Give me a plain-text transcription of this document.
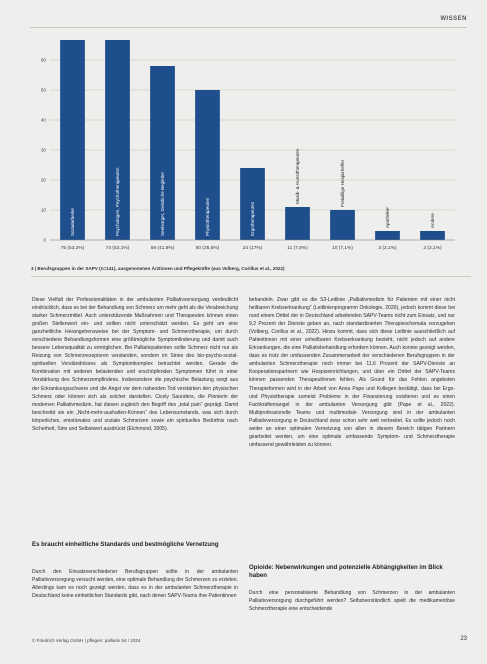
WISSEN
0
10
20
30
40
50
60
Sozialarbeiter
75 (53,2%)
Psychologen, Psychotherapeuten
74 (52,1%)
Seelsorger, Geistliche Begleiter
58 (41,8%)
Physiotherapeuten
50 (35,5%)
Ergotherapeuten
24 (17%)
Musik- & Kunsttherapeuten
11 (7,8%)
Freiwillige Hospizhelfer
10 (7,1%)
Apotheker
3 (2,1%)
Andere
3 (2,1%)
3 | Berufsgruppen in der SAPV (n=141), ausgenommen Ärztinnen und Pflegekräfte (aus Volberg, Corillus et al., 2022)
Diese Vielfalt der Professionalitäten in der ambulanten Palliativversorgung verdeutlicht eindrücklich, dass es bei der Behandlung von Schmerz um mehr geht als die Verabreichung starker Schmerzmittel. Auch unterstützende Maßnahmen und Therapeuten können einen großen Stellenwert ein- und sollten nicht unterschätzt werden. Es geht um eine ganzheitliche Herangehensweise bei der Symptom- und Schmerztherapie, um durch verschiedene Behandlungsformen eine größtmögliche Symptomlinderung und damit auch bessere Lebensqualität zu ermöglichen. Bei Palliativpatienten sollte Schmerz nicht nur als Reizung von Schmerzrezeptoren verstanden, sondern im Sinne des bio-psycho-sozial-spirituellen Verständnisses als Symptomkomplex betrachtet werden. Gerade die Kombination mit anderen belastenden und erschöpfenden Symptomen führt in einer Verstärkung des Schmerzempfindens. Insbesondere die psychische Belastung sorgt aus der Erkrankungsschwere und die Angst vor dem nahenden Tod verstärken den physischen Schmerz oder können sich als solcher darstellen. Cicely Saunders, die Pionierin der modernen Palliativmedizin, hat diesen zugleich den Begriff des „total pain“ geprägt. Damit beschreibt sie ein „Nicht-mehr-aushalten-Können“ des Lebensumstands, was sich durch körperliches, emotionales und soziale Schmerzen sowie ein spirituelles Bedürfnis nach Sicherheit, Sinn und Selbstwert ausdrückt (Eichmond, 2005).
Es braucht einheitliche Standards und bestmögliche Vernetzung
Durch den Einsatzverschiedener Berufsgruppen sollte in der ambulanten Palliativversorgung versucht werden, eine optimale Behandlung der Schmerzen zu erzielen. Allerdings kam es noch gezeigt werden, dass es in der ambulanten Schmerztherapie in Deutschland keine einheitlichen Standards gibt, nach denen SAPV-Teams ihre Patientinnen
behandeln. Zwar gibt es die S3-Leitlinie „Palliativmedizin für Patienten mit einer nicht heilbaren Krebserkrankung“ (Leitlinienprogramm Onkologie, 2020), jedoch kommt diese bei rund einem Drittel der in Deutschland arbeitenden SAPV-Teams nicht zum Einsatz, und nur 9,2 Prozent der Dienste geben an, nach standardisierten Therapieschemata vorzugehen (Volberg, Corillus et al., 2022). Hinzu kommt, dass sich diese Leitlinie ausschließlich auf Patientinnen mit einer unheilbaren Krebserkrankung bezieht, nicht jedoch auf andere Erkrankungen, die eine Palliativbehandlung erfordern können. Auch konnte gezeigt werden, dass es trotz der umfassenden Zusammenarbeit der verschiedenen Berufsgruppen in der ambulanten Schmerztherapie noch immer bei 11,6 Prozent der SAPV-Dienste an Kooperationspartnern wie Hospizeinrichtungen, und über ein Drittel der SAPV-Teams können passenden Therapeut/innen fehlen. Als Grund für das Fehlen angeboten Therapieformen wird in der Arbeit von Anna Pape und Kollegen bestätigt, dass bei Ergo- und Physiotherapie zumeist Probleme in der Finanzierung existieren und es einen Fachkräftemangel in der ambulanten Versorgung gibt (Pape et al., 2022). Multiprofessionelle Teams und multimodale Versorgung sind in der ambulanten Palliativversorgung in Deutschland zwar schon sehr weit verbreitet. Es sollte jedoch noch weiter an einer optimalen Vernetzung von allen in diesem Bereich tätigen Partnern gearbeitet werden, um eine optimale umfassende Symptom- und Schmerztherapie umfassend gewährleisten zu können.
Opioide: Nebenwirkungen und potenzielle Abhängigkeiten im Blick haben
Durch eine personalisierte Behandlung von Schmerzen in der ambulanten Palliativversorgung durchgeführt werden? Selbstverständlich spielt die medikamentöse Schmerztherapie eine entscheidende
© Friedrich Verlag GmbH | pflegen: palliativ 54 / 2024	23
